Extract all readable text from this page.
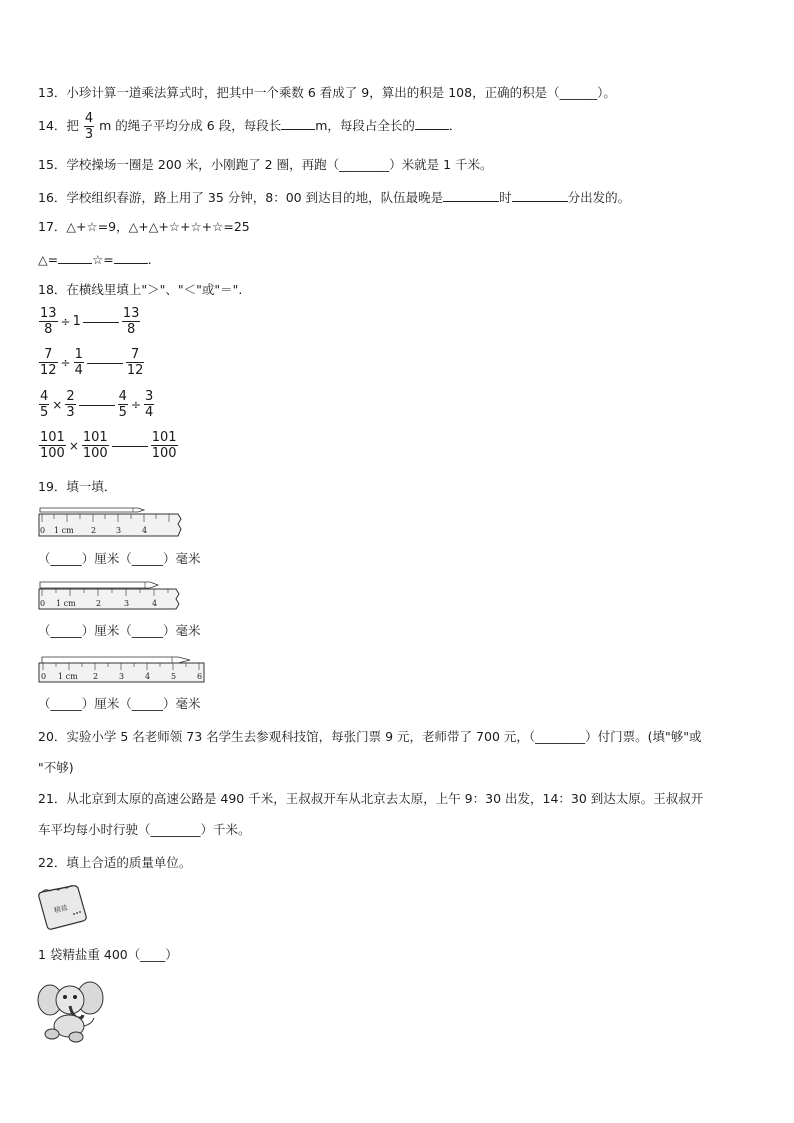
13．小珍计算一道乘法算式时，把其中一个乘数 6 看成了 9，算出的积是 108，正确的积是（______）。
14．把 $\frac{4}{3}$ m 的绳子平均分成 6 段，每段长	m，每段占全长的	．
15．学校操场一圈是 200 米，小刚跑了 2 圈，再跑（________）米就是 1 千米。
16．学校组织春游，路上用了 35 分钟，8：00 到达目的地，队伍最晚是	时	分出发的。
17．△+☆=9，△+△+☆+☆+☆=25
△=	☆=	.
18．在横线里填上"＞"、"＜"或"＝".
$\frac{13}{8} \div 1$	$\frac{13}{8}$
$\frac{7}{12} \div \frac{1}{4}$	$\frac{7}{12}$
$\frac{4}{5} \times \frac{2}{3}$	$\frac{4}{5} \div \frac{3}{4}$
$\frac{101}{100} \times \frac{101}{100}$	$\frac{101}{100}$
19．填一填．
0 1 cm 2 3	4
（_____）厘米（_____）毫米
0 1 cm	2	3	4
（_____）厘米（_____）毫米
0 1 cm 2	3	4	5	6
（_____）厘米（_____）毫米
20．实验小学 5 名老师领 73 名学生去参观科技馆，每张门票 9 元，老师带了 700 元，（________）付门票。(填"够"或
"不够)
21．从北京到太原的高速公路是 490 千米，王叔叔开车从北京去太原，上午 9：30 出发，14：30 到达太原。王叔叔开
车平均每小时行驶（________）千米。
22．填上合适的质量单位。
精盐
1 袋精盐重 400（____）
